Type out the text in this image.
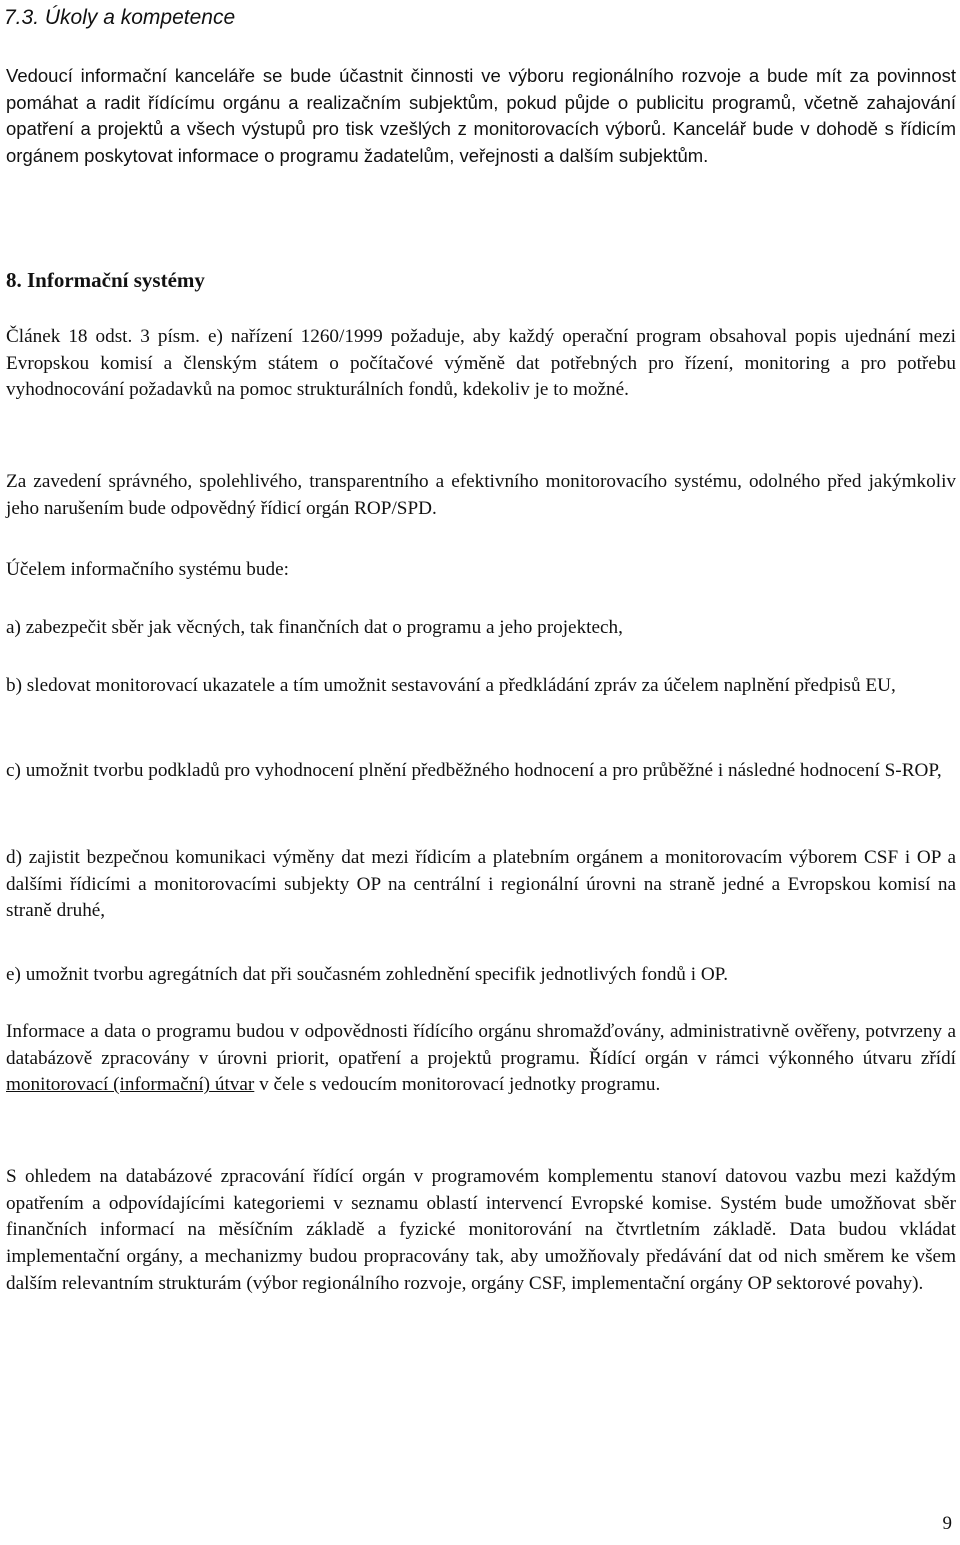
7.3. Úkoly a kompetence

Vedoucí informační kanceláře se bude účastnit činnosti ve výboru regionálního rozvoje a bude mít za povinnost pomáhat a radit řídícímu orgánu a realizačním subjektům, pokud půjde o publicitu programů, včetně zahajování opatření a projektů a všech výstupů pro tisk vzešlých z monitorovacích výborů. Kancelář bude v dohodě s řídicím orgánem poskytovat informace o programu žadatelům, veřejnosti a dalším subjektům.

8. Informační systémy

Článek 18 odst. 3 písm. e) nařízení 1260/1999 požaduje, aby každý operační program obsahoval popis ujednání mezi Evropskou komisí a členským státem o počítačové výměně dat potřebných pro řízení, monitoring a pro potřebu vyhodnocování požadavků na pomoc strukturálních fondů, kdekoliv je to možné.

Za zavedení správného, spolehlivého, transparentního a efektivního monitorovacího systému, odolného před jakýmkoliv jeho narušením bude odpovědný řídicí orgán ROP/SPD.

Účelem informačního systému bude:

a) zabezpečit sběr jak věcných, tak finančních dat o programu a jeho projektech,

b) sledovat monitorovací ukazatele a tím umožnit sestavování a předkládání zpráv za účelem naplnění předpisů EU,

c) umožnit tvorbu podkladů pro vyhodnocení plnění předběžného hodnocení a pro průběžné i následné hodnocení S-ROP,

d) zajistit bezpečnou komunikaci výměny dat mezi řídicím a platebním orgánem a monitorovacím výborem CSF i OP a dalšími řídicími a monitorovacími subjekty OP na centrální i regionální úrovni na straně jedné a Evropskou komisí na straně druhé,

e) umožnit tvorbu agregátních dat při současném zohlednění specifik jednotlivých fondů i OP.

Informace a data o programu budou v odpovědnosti řídícího orgánu shromažďovány, administrativně ověřeny, potvrzeny a databázově zpracovány v úrovni priorit, opatření a projektů programu. Řídící orgán v rámci výkonného útvaru zřídí monitorovací (informační) útvar v čele s vedoucím monitorovací jednotky programu.

S ohledem na databázové zpracování řídící orgán v programovém komplementu stanoví datovou vazbu mezi každým opatřením a odpovídajícími kategoriemi v seznamu oblastí intervencí Evropské komise. Systém bude umožňovat sběr finančních informací na měsíčním základě a fyzické monitorování na čtvrtletním základě. Data budou vkládat implementační orgány, a mechanizmy budou propracovány tak, aby umožňovaly předávání dat od nich směrem ke všem dalším relevantním strukturám (výbor regionálního rozvoje, orgány CSF, implementační orgány OP sektorové povahy).

9
